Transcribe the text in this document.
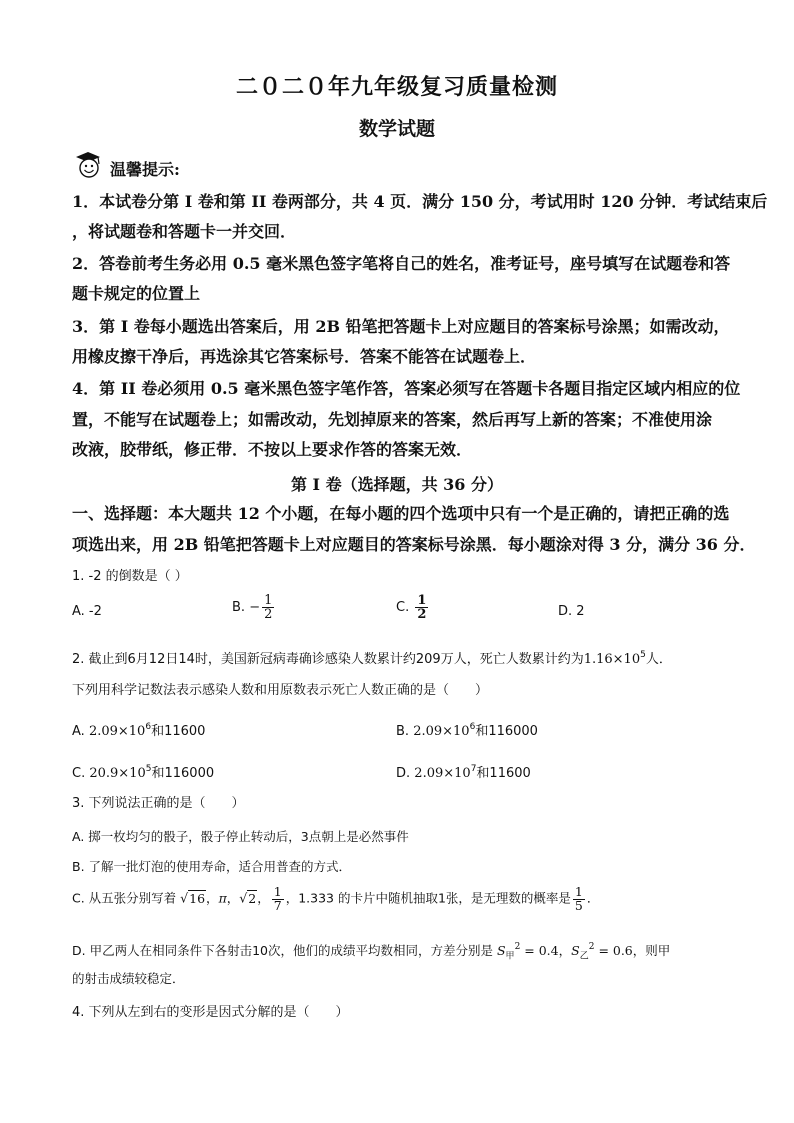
二０二０年九年级复习质量检测
数学试题
温馨提示:
1．本试卷分第 I 卷和第 II 卷两部分，共 4 页．满分 150 分，考试用时 120 分钟．考试结束后
，将试题卷和答题卡一并交回．
2．答卷前考生务必用 0.5 毫米黑色签字笔将自己的姓名，准考证号，座号填写在试题卷和答
题卡规定的位置上
3．第 I 卷每小题选出答案后，用 2B 铅笔把答题卡上对应题目的答案标号涂黑；如需改动，
用橡皮擦干净后，再选涂其它答案标号．答案不能答在试题卷上．
4．第 II 卷必须用 0.5 毫米黑色签字笔作答，答案必须写在答题卡各题目指定区域内相应的位
置，不能写在试题卷上；如需改动，先划掉原来的答案，然后再写上新的答案；不准使用涂
改液，胶带纸，修正带．不按以上要求作答的答案无效．
第 I 卷（选择题，共 36 分）
一、选择题：本大题共 12 个小题，在每小题的四个选项中只有一个是正确的，请把正确的选
项选出来，用 2B 铅笔把答题卡上对应题目的答案标号涂黑．每小题涂对得 3 分，满分 36 分．
1. -2 的倒数是（ ）
A. -2	B. − $\frac{1}{2}$	C. $\frac{1}{2}$	D. 2
2. 截止到6月12日14时，美国新冠病毒确诊感染人数累计约209万人，死亡人数累计约为$1.16\times 10^5$人．
下列用科学记数法表示感染人数和用原数表示死亡人数正确的是（　　）
A. $2.09\times 10^6$和11600	B. $2.09\times 10^6$和116000
C. $20.9\times 10^5$和116000	D. $2.09\times 10^7$和11600
3. 下列说法正确的是（　　）
A. 掷一枚均匀的骰子，骰子停止转动后，3点朝上是必然事件
B. 了解一批灯泡的使用寿命，适合用普查的方式．
C. 从五张分别写着 √16，π，√2， $\frac{1}{7}$ ，1.333 的卡片中随机抽取1张，是无理数的概率是 $\frac{1}{5}$ ．
D. 甲乙两人在相同条件下各射击10次，他们的成绩平均数相同，方差分别是 $S_甲^2 = 0.4$，$S_乙^2 = 0.6$，则甲
的射击成绩较稳定．
4. 下列从左到右的变形是因式分解的是（　　）
